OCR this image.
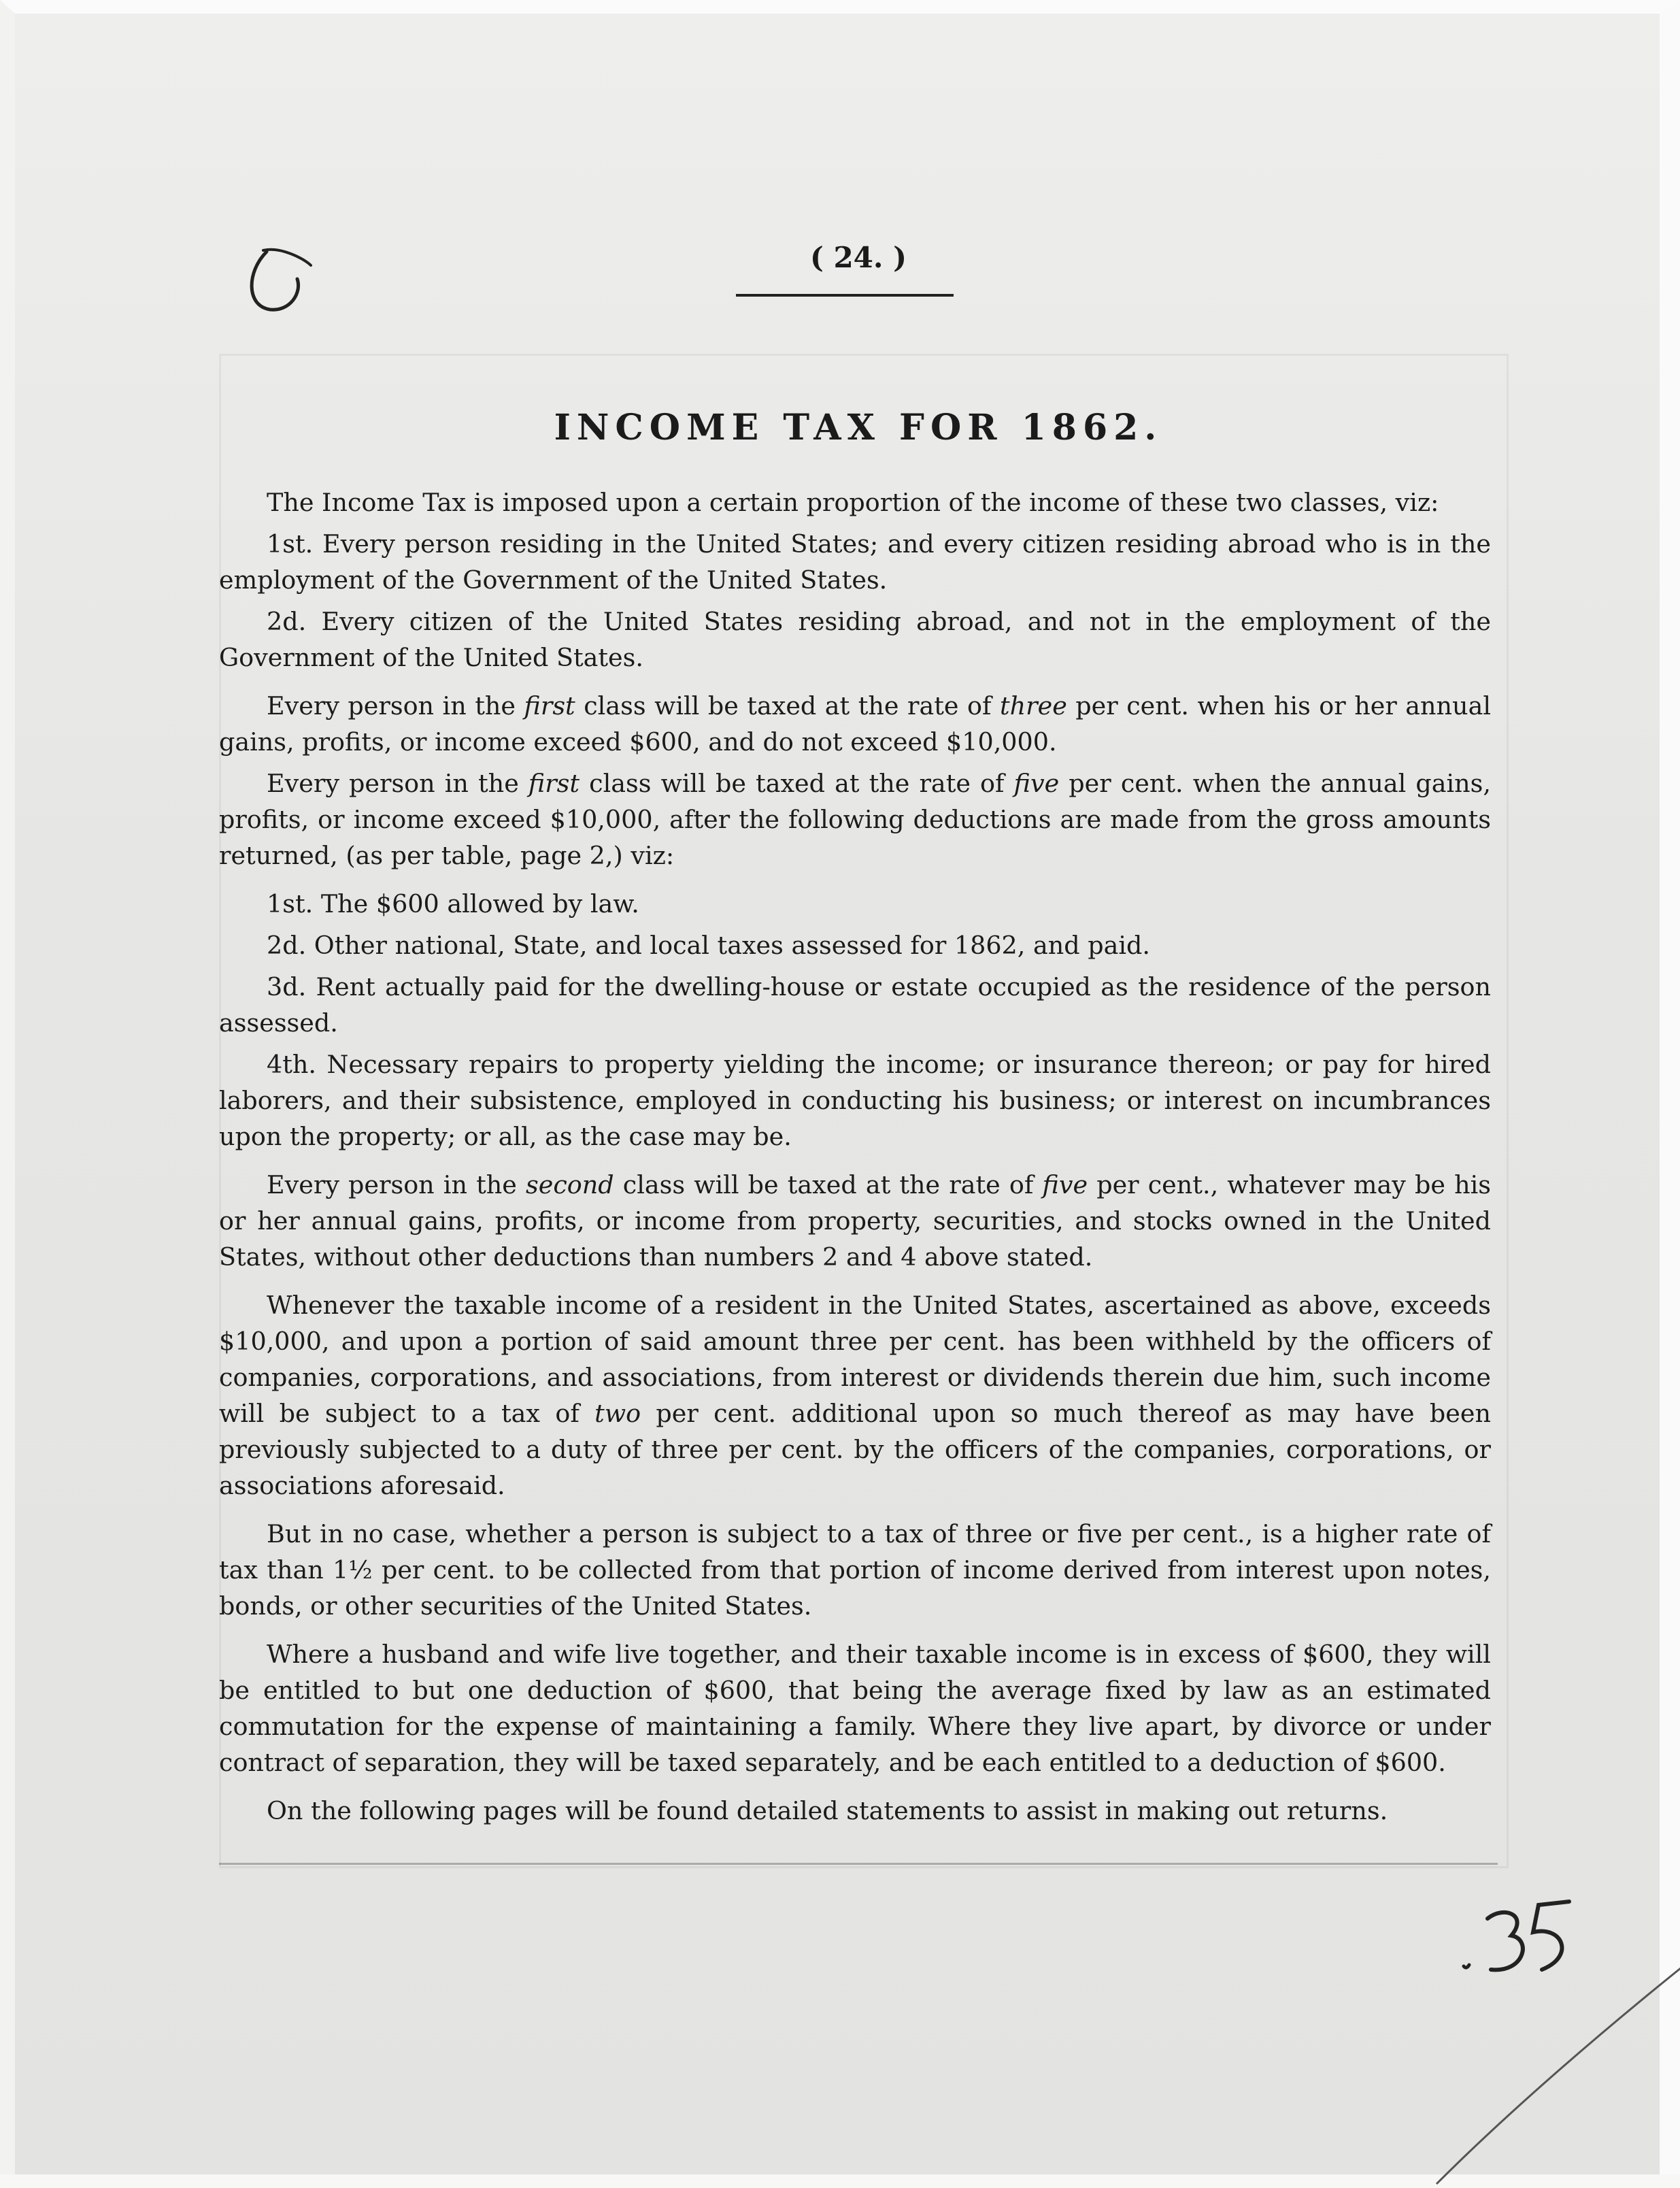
( 24. )
INCOME TAX FOR 1862.

The Income Tax is imposed upon a certain proportion of the income of these two classes, viz:

1st. Every person residing in the United States; and every citizen residing abroad who is in the employment of the Government of the United States.

2d. Every citizen of the United States residing abroad, and not in the employment of the Government of the United States.

Every person in the first class will be taxed at the rate of three per cent. when his or her annual gains, profits, or income exceed $600, and do not exceed $10,000.

Every person in the first class will be taxed at the rate of five per cent. when the annual gains, profits, or income exceed $10,000, after the following deductions are made from the gross amounts returned, (as per table, page 2,) viz:

1st. The $600 allowed by law.

2d. Other national, State, and local taxes assessed for 1862, and paid.

3d. Rent actually paid for the dwelling-house or estate occupied as the residence of the person assessed.

4th. Necessary repairs to property yielding the income; or insurance thereon; or pay for hired laborers, and their subsistence, employed in conducting his business; or interest on incumbrances upon the property; or all, as the case may be.

Every person in the second class will be taxed at the rate of five per cent., whatever may be his or her annual gains, profits, or income from property, securities, and stocks owned in the United States, without other deductions than numbers 2 and 4 above stated.

Whenever the taxable income of a resident in the United States, ascertained as above, exceeds $10,000, and upon a portion of said amount three per cent. has been withheld by the officers of companies, corporations, and associations, from interest or dividends therein due him, such income will be subject to a tax of two per cent. additional upon so much thereof as may have been previously subjected to a duty of three per cent. by the officers of the companies, corporations, or associations aforesaid.

But in no case, whether a person is subject to a tax of three or five per cent., is a higher rate of tax than 1½ per cent. to be collected from that portion of income derived from interest upon notes, bonds, or other securities of the United States.

Where a husband and wife live together, and their taxable income is in excess of $600, they will be entitled to but one deduction of $600, that being the average fixed by law as an estimated commutation for the expense of maintaining a family. Where they live apart, by divorce or under contract of separation, they will be taxed separately, and be each entitled to a deduction of $600.

On the following pages will be found detailed statements to assist in making out returns.
